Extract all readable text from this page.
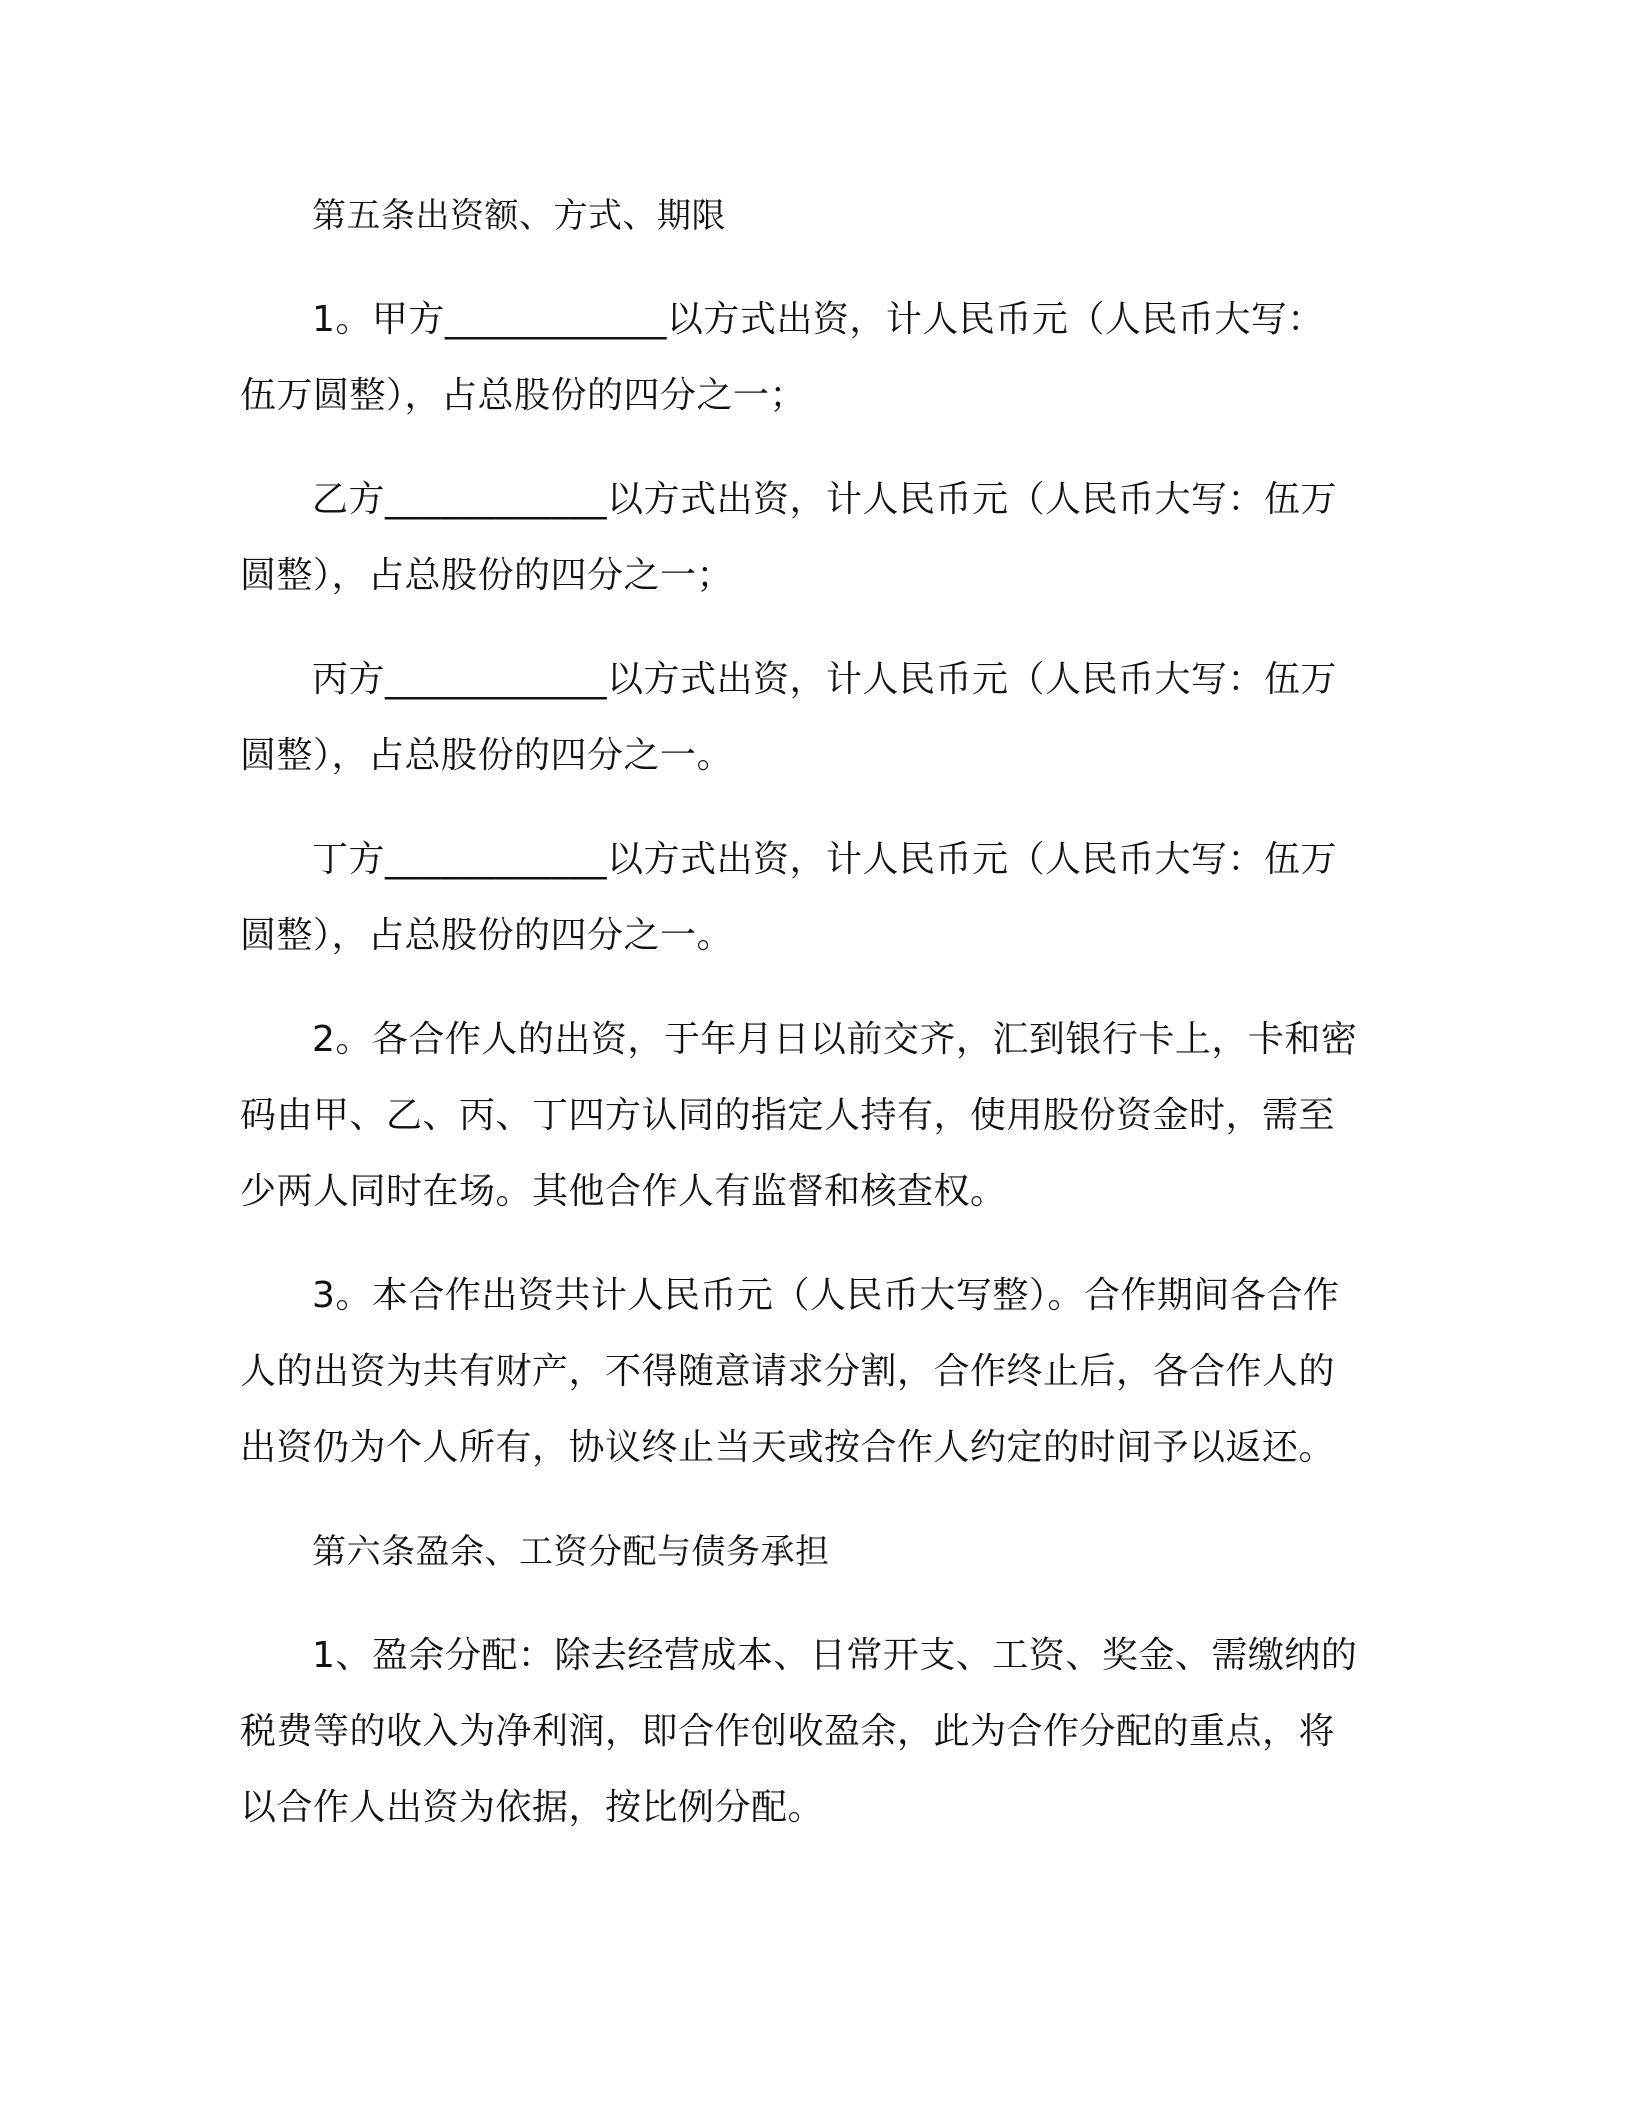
第五条出资额、方式、期限
1。甲方____________以方式出资，计人民币元（人民币大写：
伍万圆整），占总股份的四分之一；
乙方____________以方式出资，计人民币元（人民币大写：伍万
圆整），占总股份的四分之一；
丙方____________以方式出资，计人民币元（人民币大写：伍万
圆整），占总股份的四分之一。
丁方____________以方式出资，计人民币元（人民币大写：伍万
圆整），占总股份的四分之一。
2。各合作人的出资，于年月日以前交齐，汇到银行卡上，卡和密
码由甲、乙、丙、丁四方认同的指定人持有，使用股份资金时，需至
少两人同时在场。其他合作人有监督和核查权。
3。本合作出资共计人民币元（人民币大写整）。合作期间各合作
人的出资为共有财产，不得随意请求分割，合作终止后，各合作人的
出资仍为个人所有，协议终止当天或按合作人约定的时间予以返还。
第六条盈余、工资分配与债务承担
1、盈余分配：除去经营成本、日常开支、工资、奖金、需缴纳的
税费等的收入为净利润，即合作创收盈余，此为合作分配的重点，将
以合作人出资为依据，按比例分配。
